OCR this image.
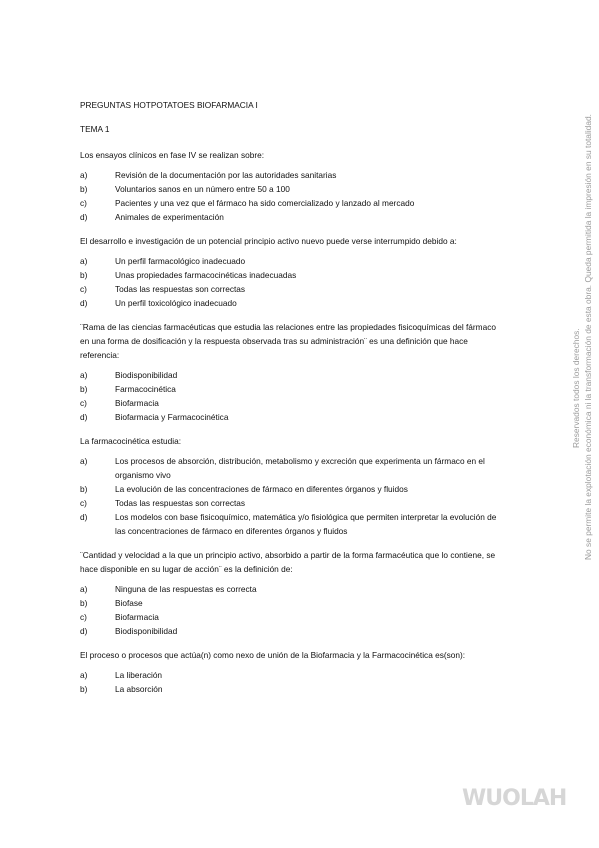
PREGUNTAS HOTPOTATOES BIOFARMACIA I
TEMA 1
Los ensayos clínicos en fase IV se realizan sobre:
a)	Revisión de la documentación por las autoridades sanitarias
b)	Voluntarios sanos en un número entre 50 a 100
c)	Pacientes y una vez que el fármaco ha sido comercializado y lanzado al mercado
d)	Animales de experimentación
El desarrollo e investigación de un potencial principio activo nuevo puede verse interrumpido debido a:
a)	Un perfil farmacológico inadecuado
b)	Unas propiedades farmacocinéticas inadecuadas
c)	Todas las respuestas son correctas
d)	Un perfil toxicológico inadecuado
¨Rama de las ciencias farmacéuticas que estudia las relaciones entre las propiedades fisicoquímicas del fármaco en una forma de dosificación y la respuesta observada tras su administración¨ es una definición que hace referencia:
a)	Biodisponibilidad
b)	Farmacocinética
c)	Biofarmacia
d)	Biofarmacia y Farmacocinética
La farmacocinética estudia:
a)	Los procesos de absorción, distribución, metabolismo y excreción que experimenta un fármaco en el organismo vivo
b)	La evolución de las concentraciones de fármaco en diferentes órganos y fluidos
c)	Todas las respuestas son correctas
d)	Los modelos con base fisicoquímico, matemática y/o fisiológica que permiten interpretar la evolución de las concentraciones de fármaco en diferentes órganos y fluidos
¨Cantidad y velocidad a la que un principio activo, absorbido a partir de la forma farmacéutica que lo contiene, se hace disponible en su lugar de acción¨ es la definición de:
a)	Ninguna de las respuestas es correcta
b)	Biofase
c)	Biofarmacia
d)	Biodisponibilidad
El proceso o procesos que actúa(n) como nexo de unión de la Biofarmacia y la Farmacocinética es(son):
a)	La liberación
b)	La absorción
Reservados todos los derechos. No se permite la explotación económica ni la transformación de esta obra. Queda permitida la impresión en su totalidad.
WUOLAH
